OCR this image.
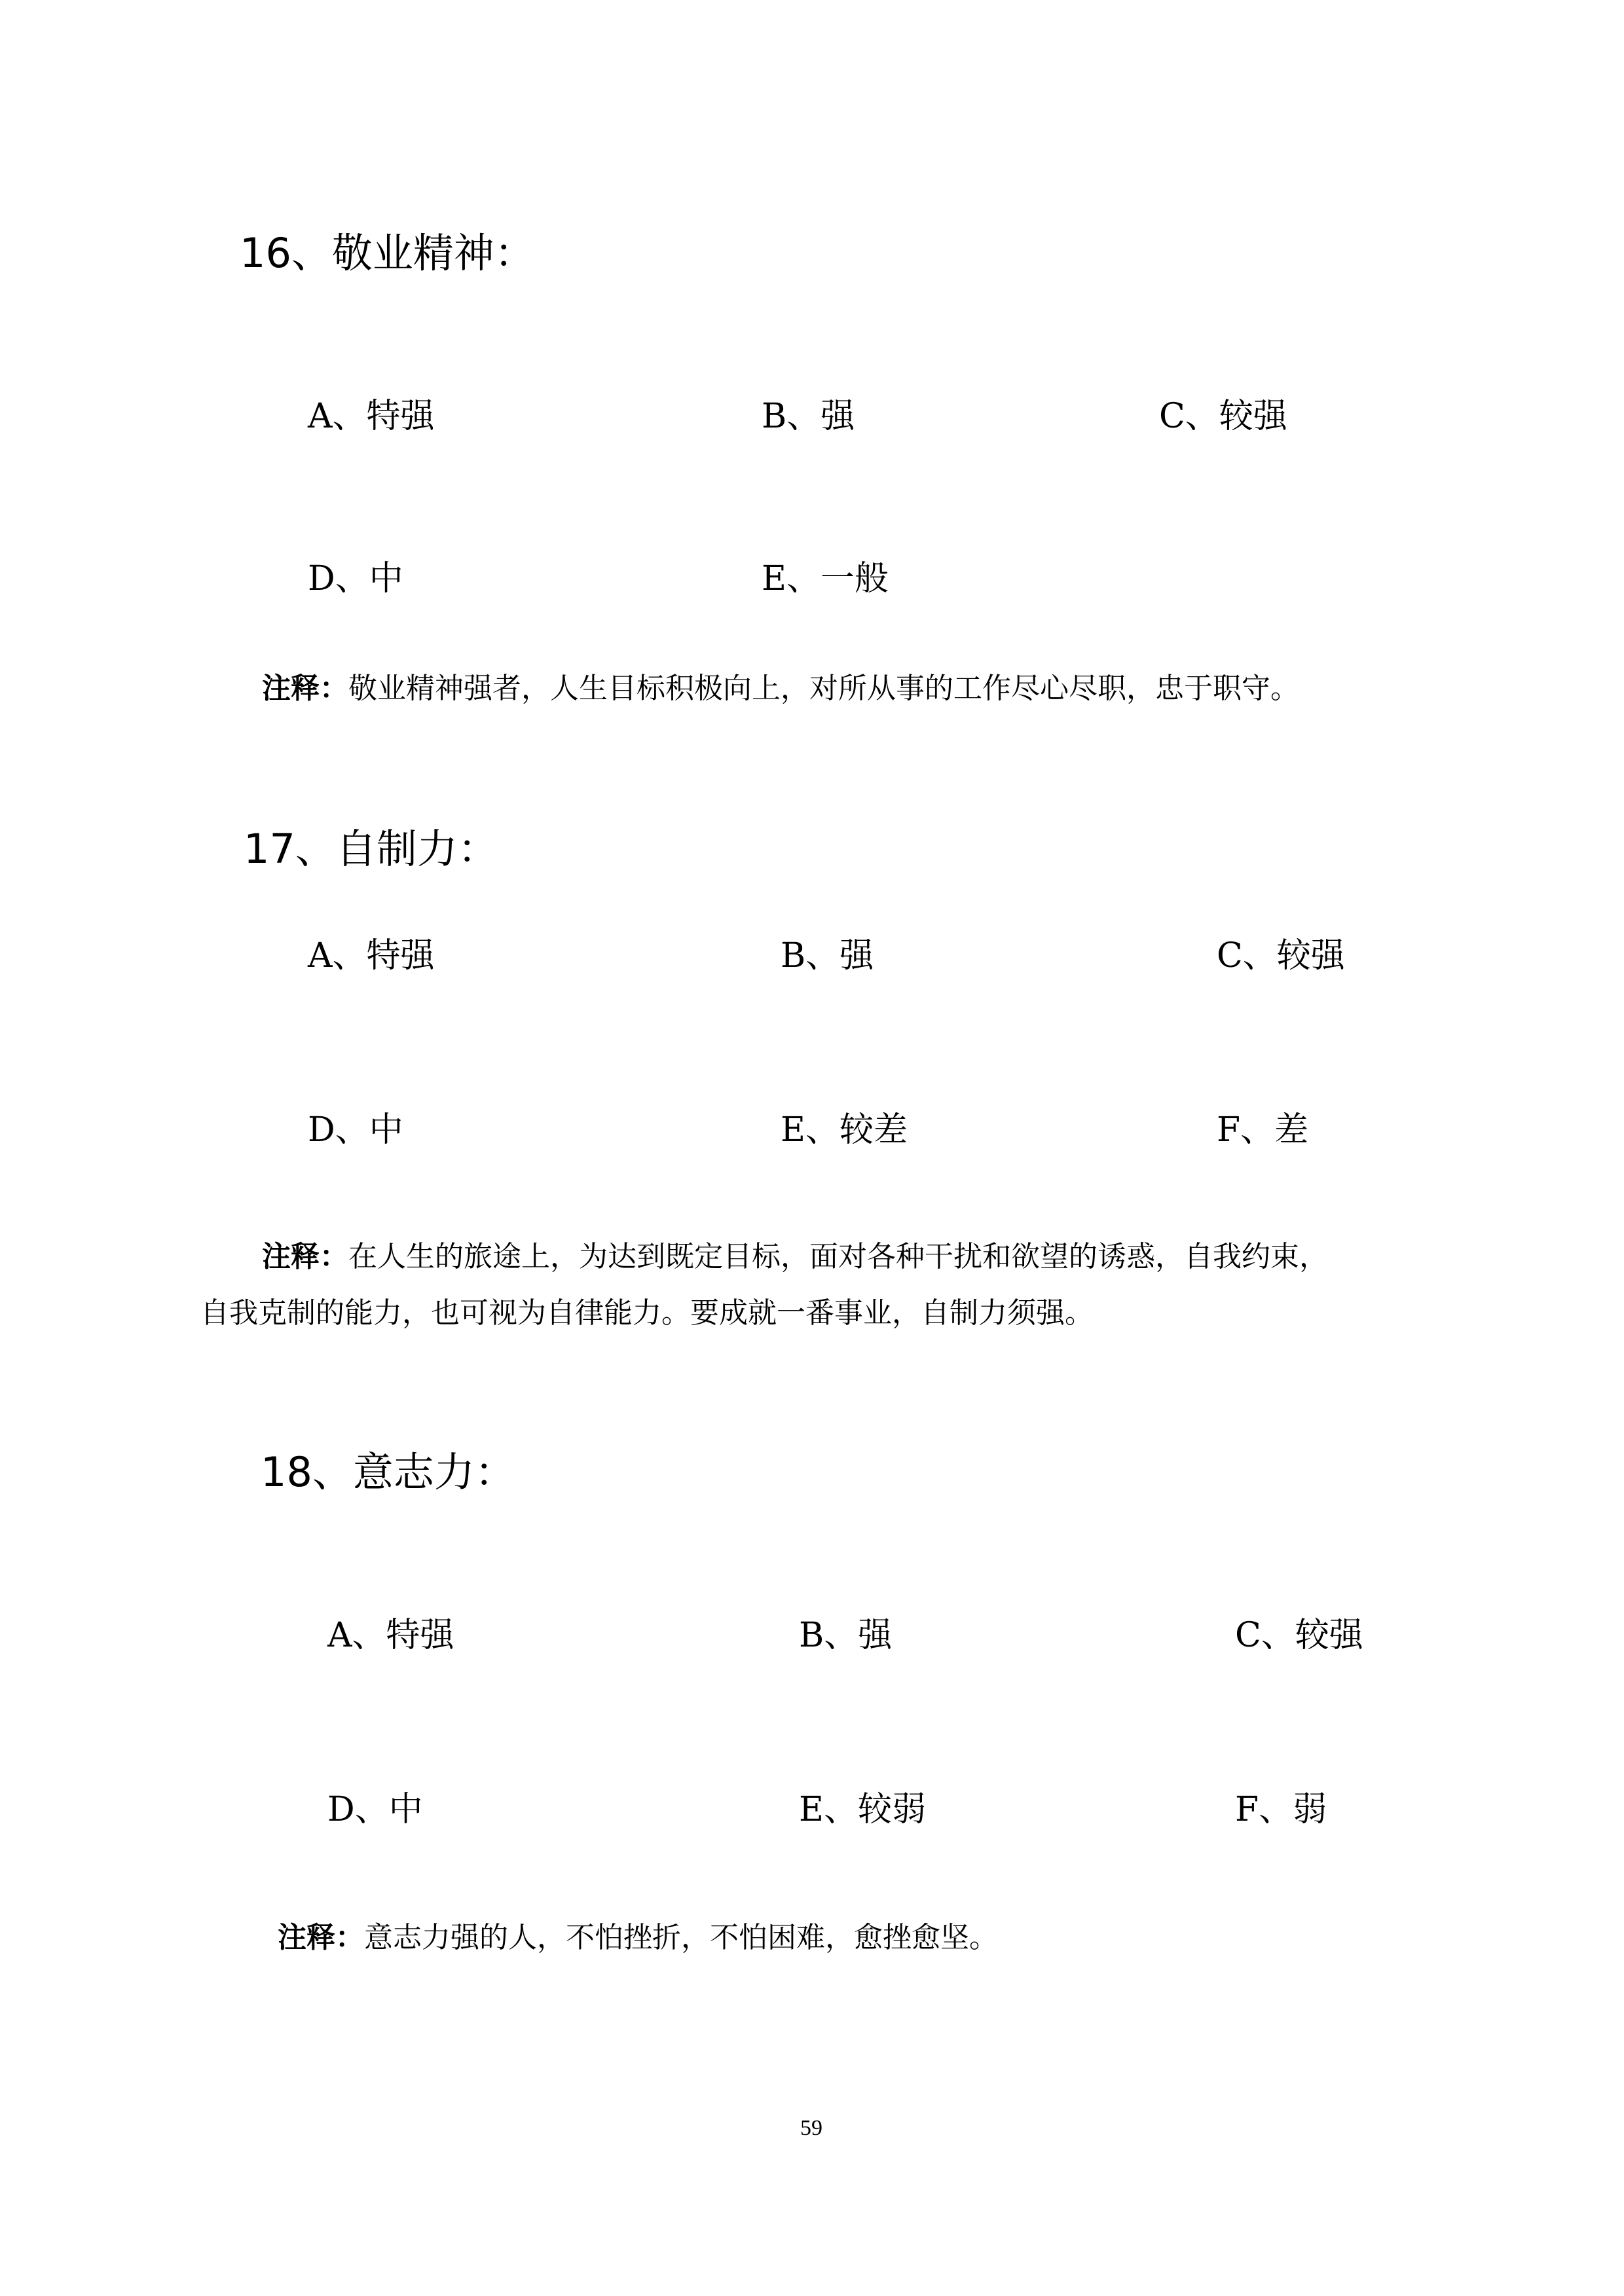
16、敬业精神：
A、特强	B、强	C、较强
D、中	E、一般
注释：敬业精神强者，人生目标积极向上，对所从事的工作尽心尽职，忠于职守。
17、自制力：
A、特强	B、强	C、较强
D、中	E、较差	F、差
注释：在人生的旅途上，为达到既定目标，面对各种干扰和欲望的诱惑，自我约束，
自我克制的能力，也可视为自律能力。要成就一番事业，自制力须强。
18、意志力：
A、特强	B、强	C、较强
D、中	E、较弱	F、弱
注释：意志力强的人，不怕挫折，不怕困难，愈挫愈坚。
59
